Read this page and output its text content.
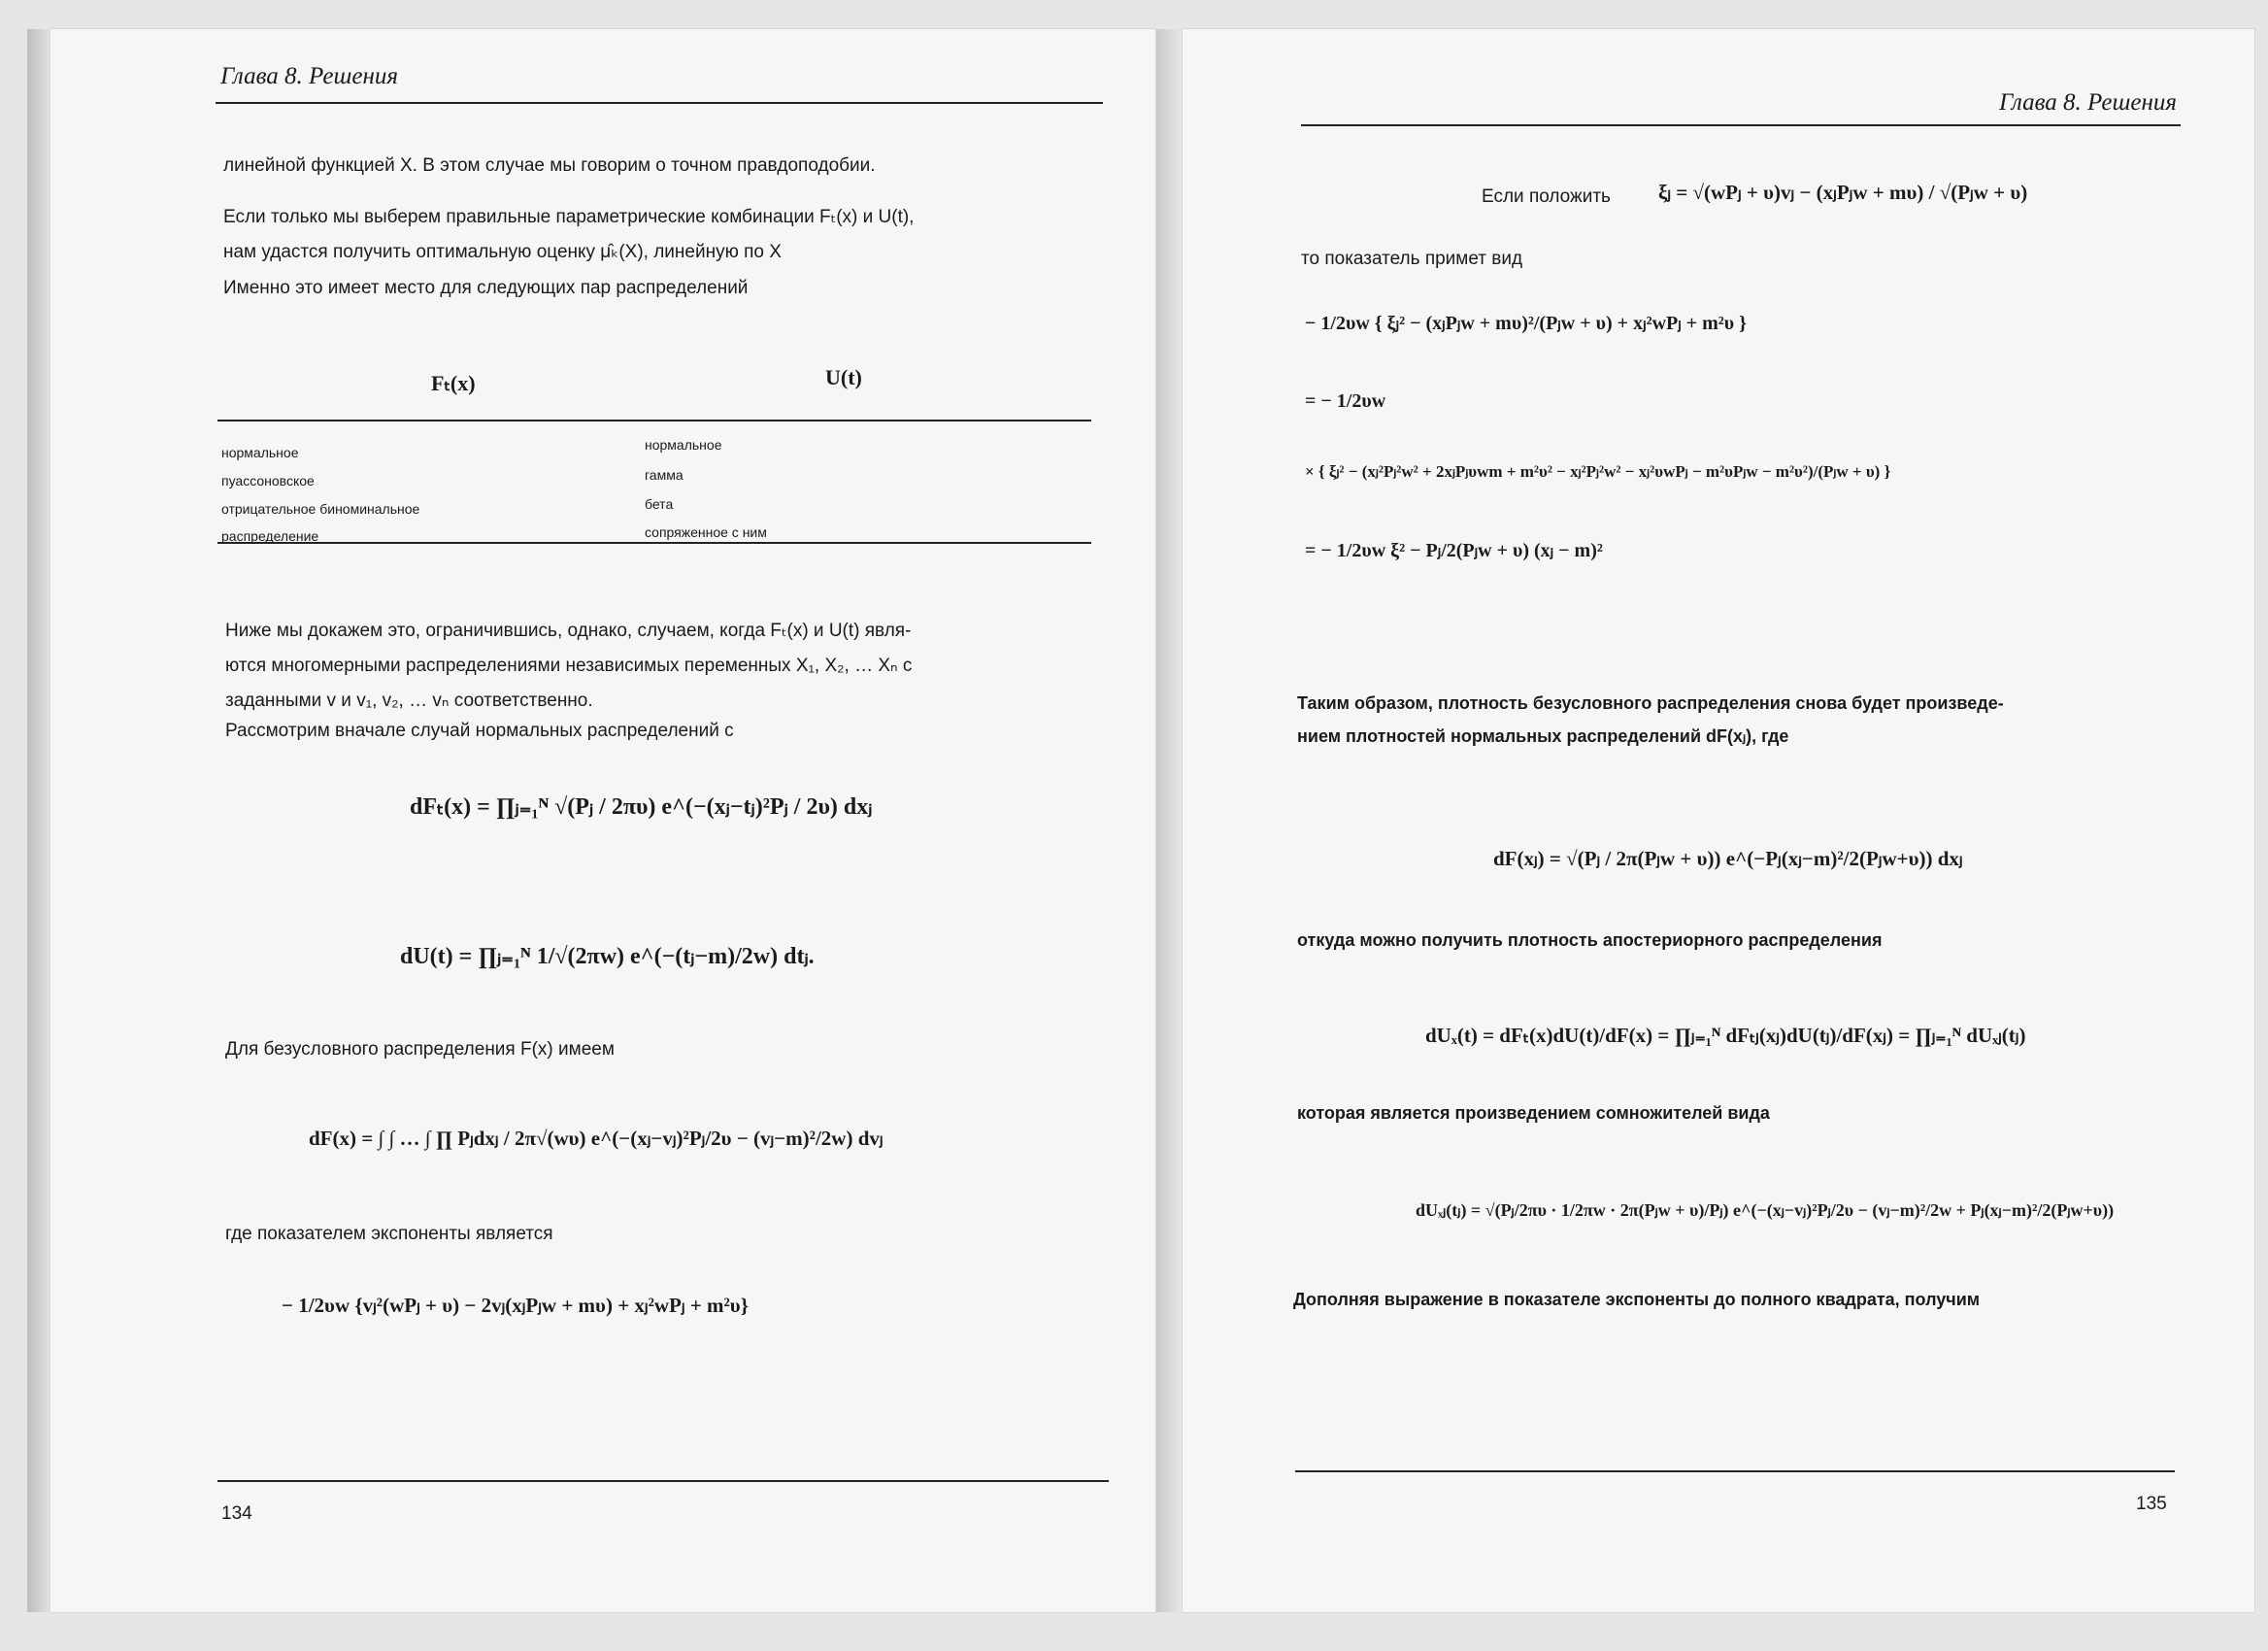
Глава 8. Решения
линейной функцией X. В этом случае мы говорим о точном правдоподобии.
Если только мы выберем правильные параметрические комбинации Fₜ(x) и U(t),
нам удастся получить оптимальную оценку μ̂ₖ(X), линейную по X
Именно это имеет место для следующих пар распределений
Fₜ(x)	U(t)
нормальное	нормальное
пуассоновское	гамма
отрицательное биноминальное	бета
распределение	сопряженное с ним
Ниже мы докажем это, ограничившись, однако, случаем, когда Fₜ(x) и U(t) явля-
ются многомерными распределениями независимых переменных X₁, X₂, … Xₙ с
заданными v и v₁, v₂, … vₙ соответственно.
Рассмотрим вначале случай нормальных распределений с
dFₜ(x) = ∏ⱼ₌₁ᴺ √(Pⱼ / 2πυ) e^(−(xⱼ−tⱼ)²Pⱼ / 2υ) dxⱼ
dU(t) = ∏ⱼ₌₁ᴺ 1/√(2πw) e^(−(tⱼ−m)/2w) dtⱼ.
Для безусловного распределения F(x) имеем
dF(x) = ∫ ∫ … ∫ ∏ Pⱼdxⱼ / 2π√(wυ) e^(−(xⱼ−vⱼ)²Pⱼ/2υ − (vⱼ−m)²/2w) dvⱼ
где показателем экспоненты является
− 1/2υw {vⱼ²(wPⱼ + υ) − 2vⱼ(xⱼPⱼw + mυ) + xⱼ²wPⱼ + m²υ}
134
Глава 8. Решения
Если положить ξⱼ = √(wPⱼ + υ)vⱼ − (xⱼPⱼw + mυ) / √(Pⱼw + υ)
то показатель примет вид
− 1/2υw { ξⱼ² − (xⱼPⱼw + mυ)²/(Pⱼw + υ) + xⱼ²wPⱼ + m²υ }
= − 1/2υw
× { ξⱼ² − (xⱼ²Pⱼ²w² + 2xⱼPⱼυwm + m²υ² − xⱼ²Pⱼ²w² − xⱼ²υwPⱼ − m²υPⱼw − m²υ²)/(Pⱼw + υ) }
= − 1/2υw ξ² − Pⱼ/2(Pⱼw + υ) (xⱼ − m)²
Таким образом, плотность безусловного распределения снова будет произведе-
нием плотностей нормальных распределений dF(xⱼ), где
dF(xⱼ) = √(Pⱼ / 2π(Pⱼw + υ)) e^(−Pⱼ(xⱼ−m)²/2(Pⱼw+υ)) dxⱼ
откуда можно получить плотность апостериорного распределения
dUₓ(t) = dFₜ(x)dU(t)/dF(x) = ∏ⱼ₌₁ᴺ dFₜⱼ(xⱼ)dU(tⱼ)/dF(xⱼ) = ∏ⱼ₌₁ᴺ dUₓⱼ(tⱼ)
которая является произведением сомножителей вида
dUₓⱼ(tⱼ) = √(Pⱼ/2πυ · 1/2πw · 2π(Pⱼw + υ)/Pⱼ) e^(−(xⱼ−vⱼ)²Pⱼ/2υ − (vⱼ−m)²/2w + Pⱼ(xⱼ−m)²/2(Pⱼw+υ))
Дополняя выражение в показателе экспоненты до полного квадрата, получим
135
